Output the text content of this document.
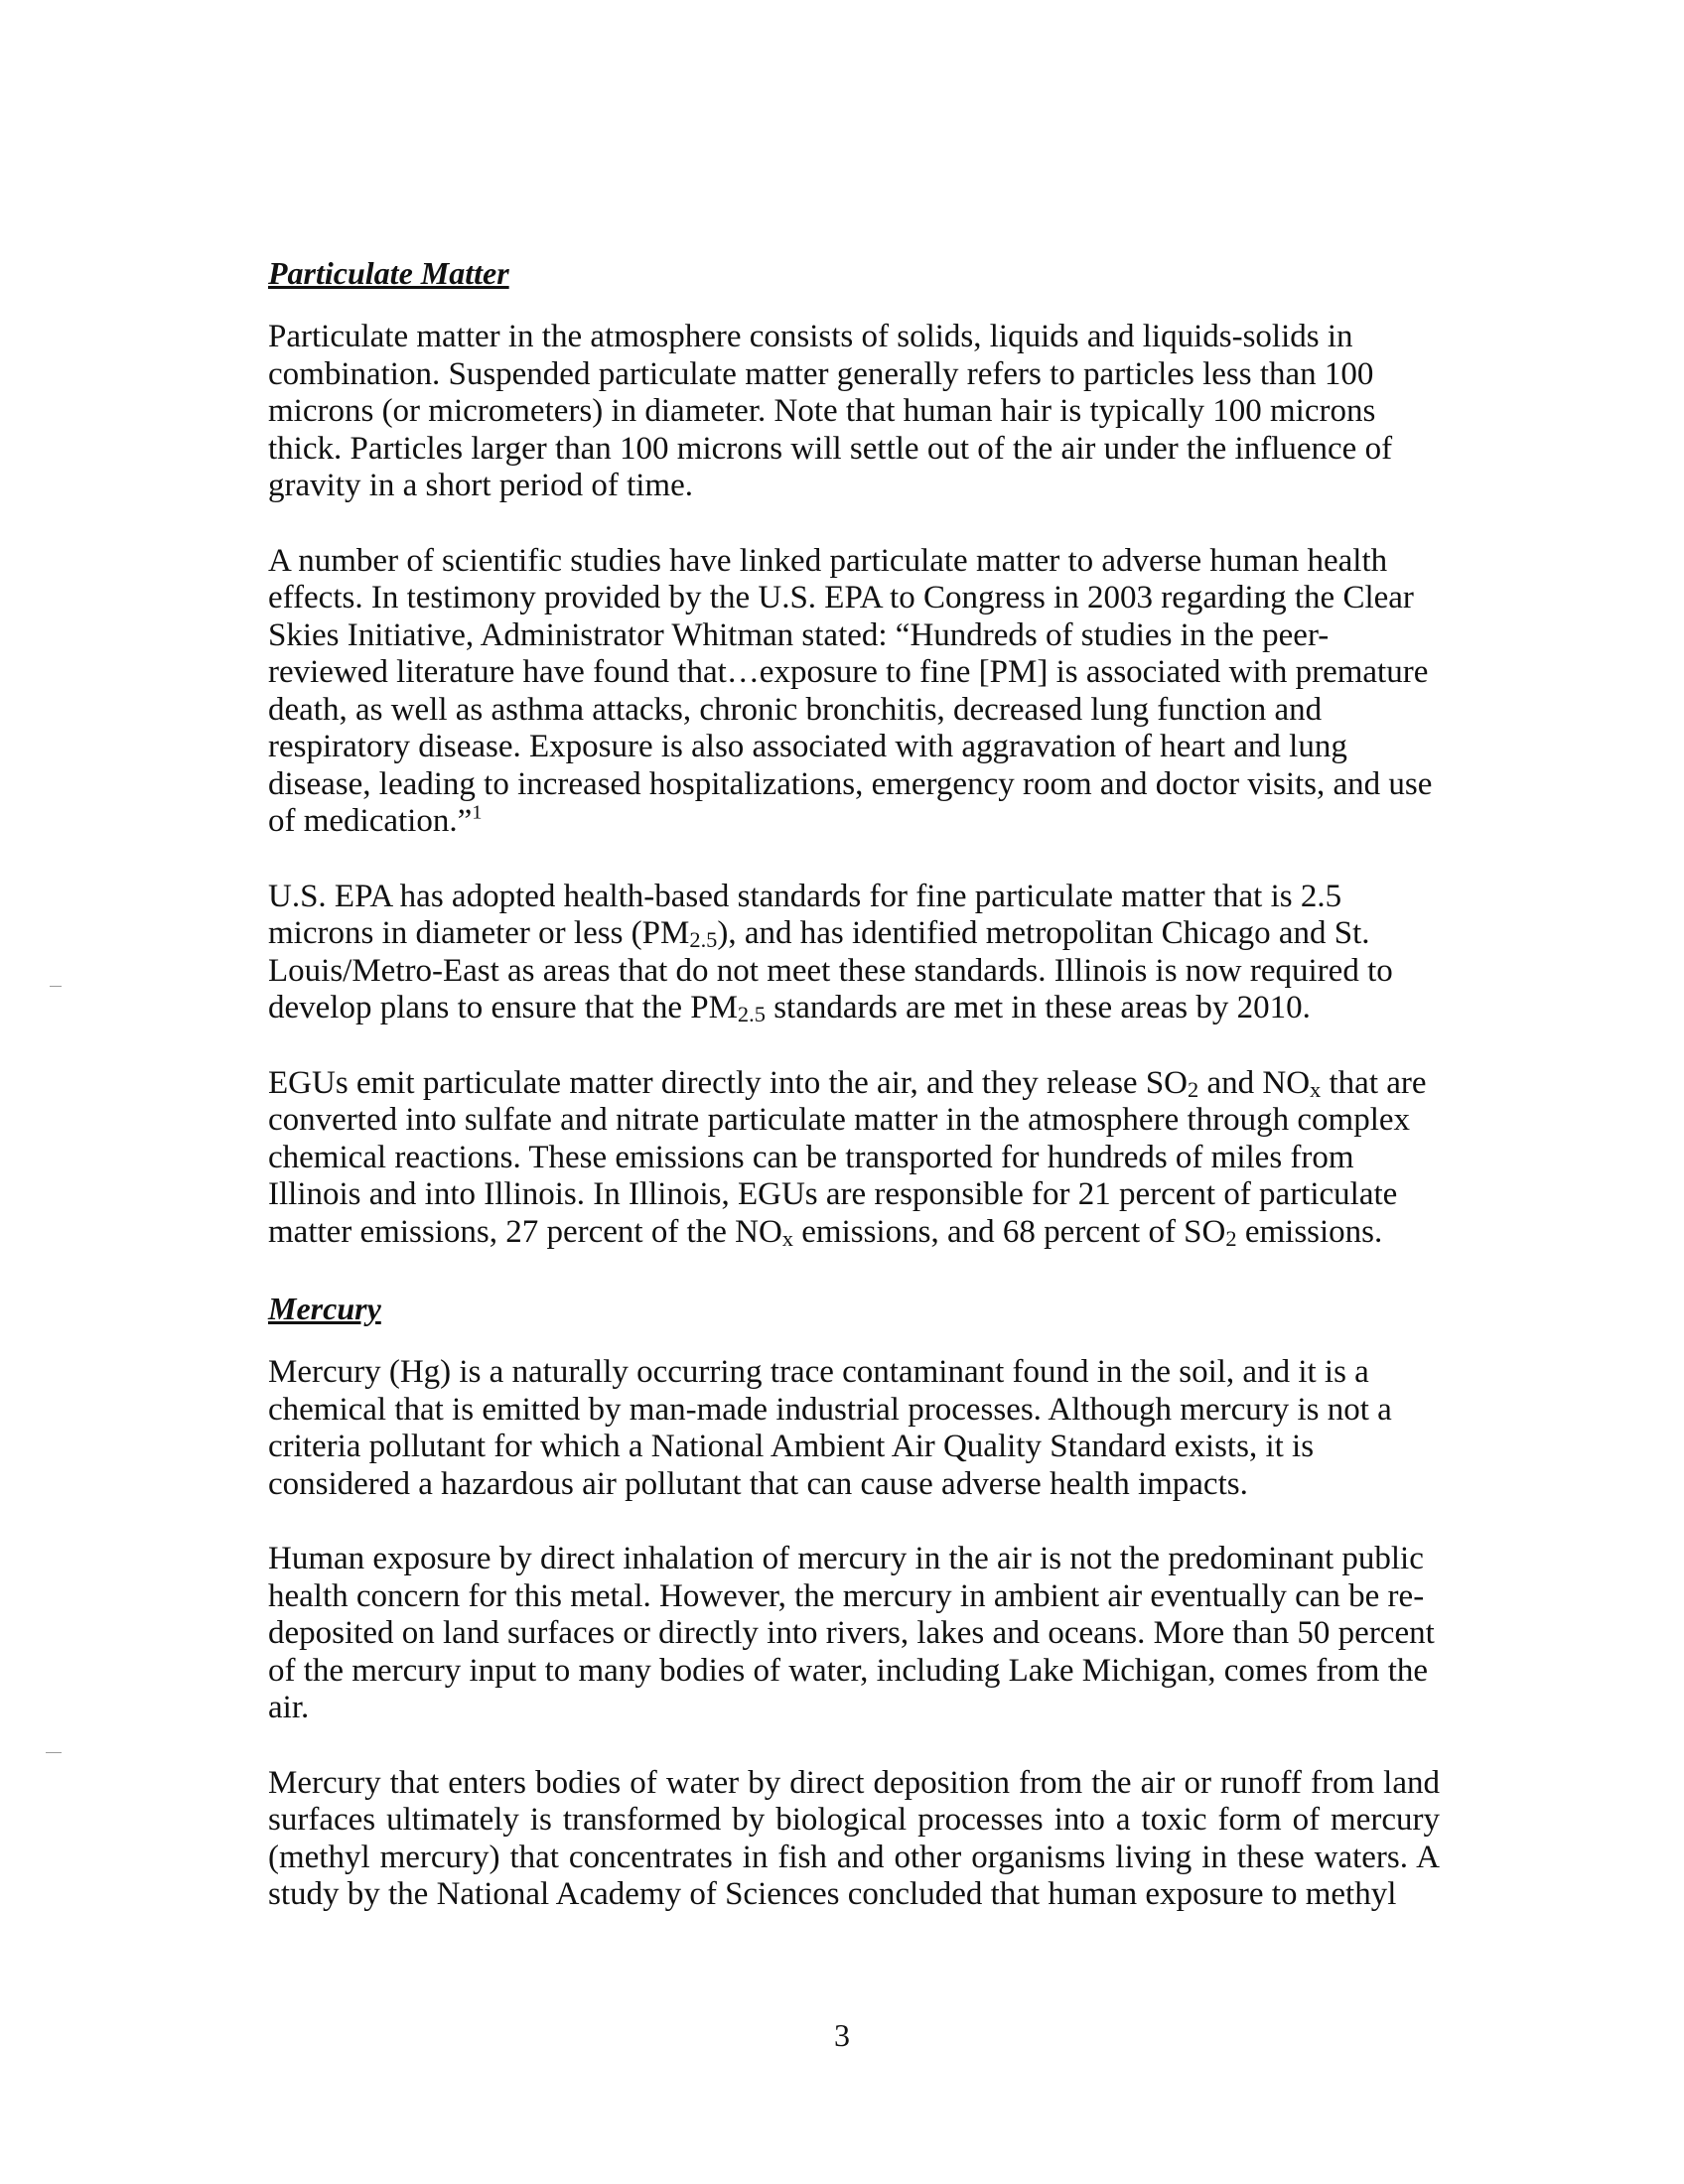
Particulate Matter

Particulate matter in the atmosphere consists of solids, liquids and liquids-solids in combination. Suspended particulate matter generally refers to particles less than 100 microns (or micrometers) in diameter. Note that human hair is typically 100 microns thick. Particles larger than 100 microns will settle out of the air under the influence of gravity in a short period of time.

A number of scientific studies have linked particulate matter to adverse human health effects. In testimony provided by the U.S. EPA to Congress in 2003 regarding the Clear Skies Initiative, Administrator Whitman stated: “Hundreds of studies in the peer-reviewed literature have found that…exposure to fine [PM] is associated with premature death, as well as asthma attacks, chronic bronchitis, decreased lung function and respiratory disease. Exposure is also associated with aggravation of heart and lung disease, leading to increased hospitalizations, emergency room and doctor visits, and use of medication.”$^1$

U.S. EPA has adopted health-based standards for fine particulate matter that is 2.5 microns in diameter or less $(PM_{2.5})$, and has identified metropolitan Chicago and St. Louis/Metro-East as areas that do not meet these standards. Illinois is now required to develop plans to ensure that the $PM_{2.5}$ standards are met in these areas by 2010.

EGUs emit particulate matter directly into the air, and they release $SO_2$ and $NO_x$ that are converted into sulfate and nitrate particulate matter in the atmosphere through complex chemical reactions. These emissions can be transported for hundreds of miles from Illinois and into Illinois. In Illinois, EGUs are responsible for 21 percent of particulate matter emissions, 27 percent of the $NO_x$ emissions, and 68 percent of $SO_2$ emissions.

Mercury

Mercury (Hg) is a naturally occurring trace contaminant found in the soil, and it is a chemical that is emitted by man-made industrial processes. Although mercury is not a criteria pollutant for which a National Ambient Air Quality Standard exists, it is considered a hazardous air pollutant that can cause adverse health impacts.

Human exposure by direct inhalation of mercury in the air is not the predominant public health concern for this metal. However, the mercury in ambient air eventually can be re-deposited on land surfaces or directly into rivers, lakes and oceans. More than 50 percent of the mercury input to many bodies of water, including Lake Michigan, comes from the air.

Mercury that enters bodies of water by direct deposition from the air or runoff from land surfaces ultimately is transformed by biological processes into a toxic form of mercury (methyl mercury) that concentrates in fish and other organisms living in these waters. A study by the National Academy of Sciences concluded that human exposure to methyl

3
